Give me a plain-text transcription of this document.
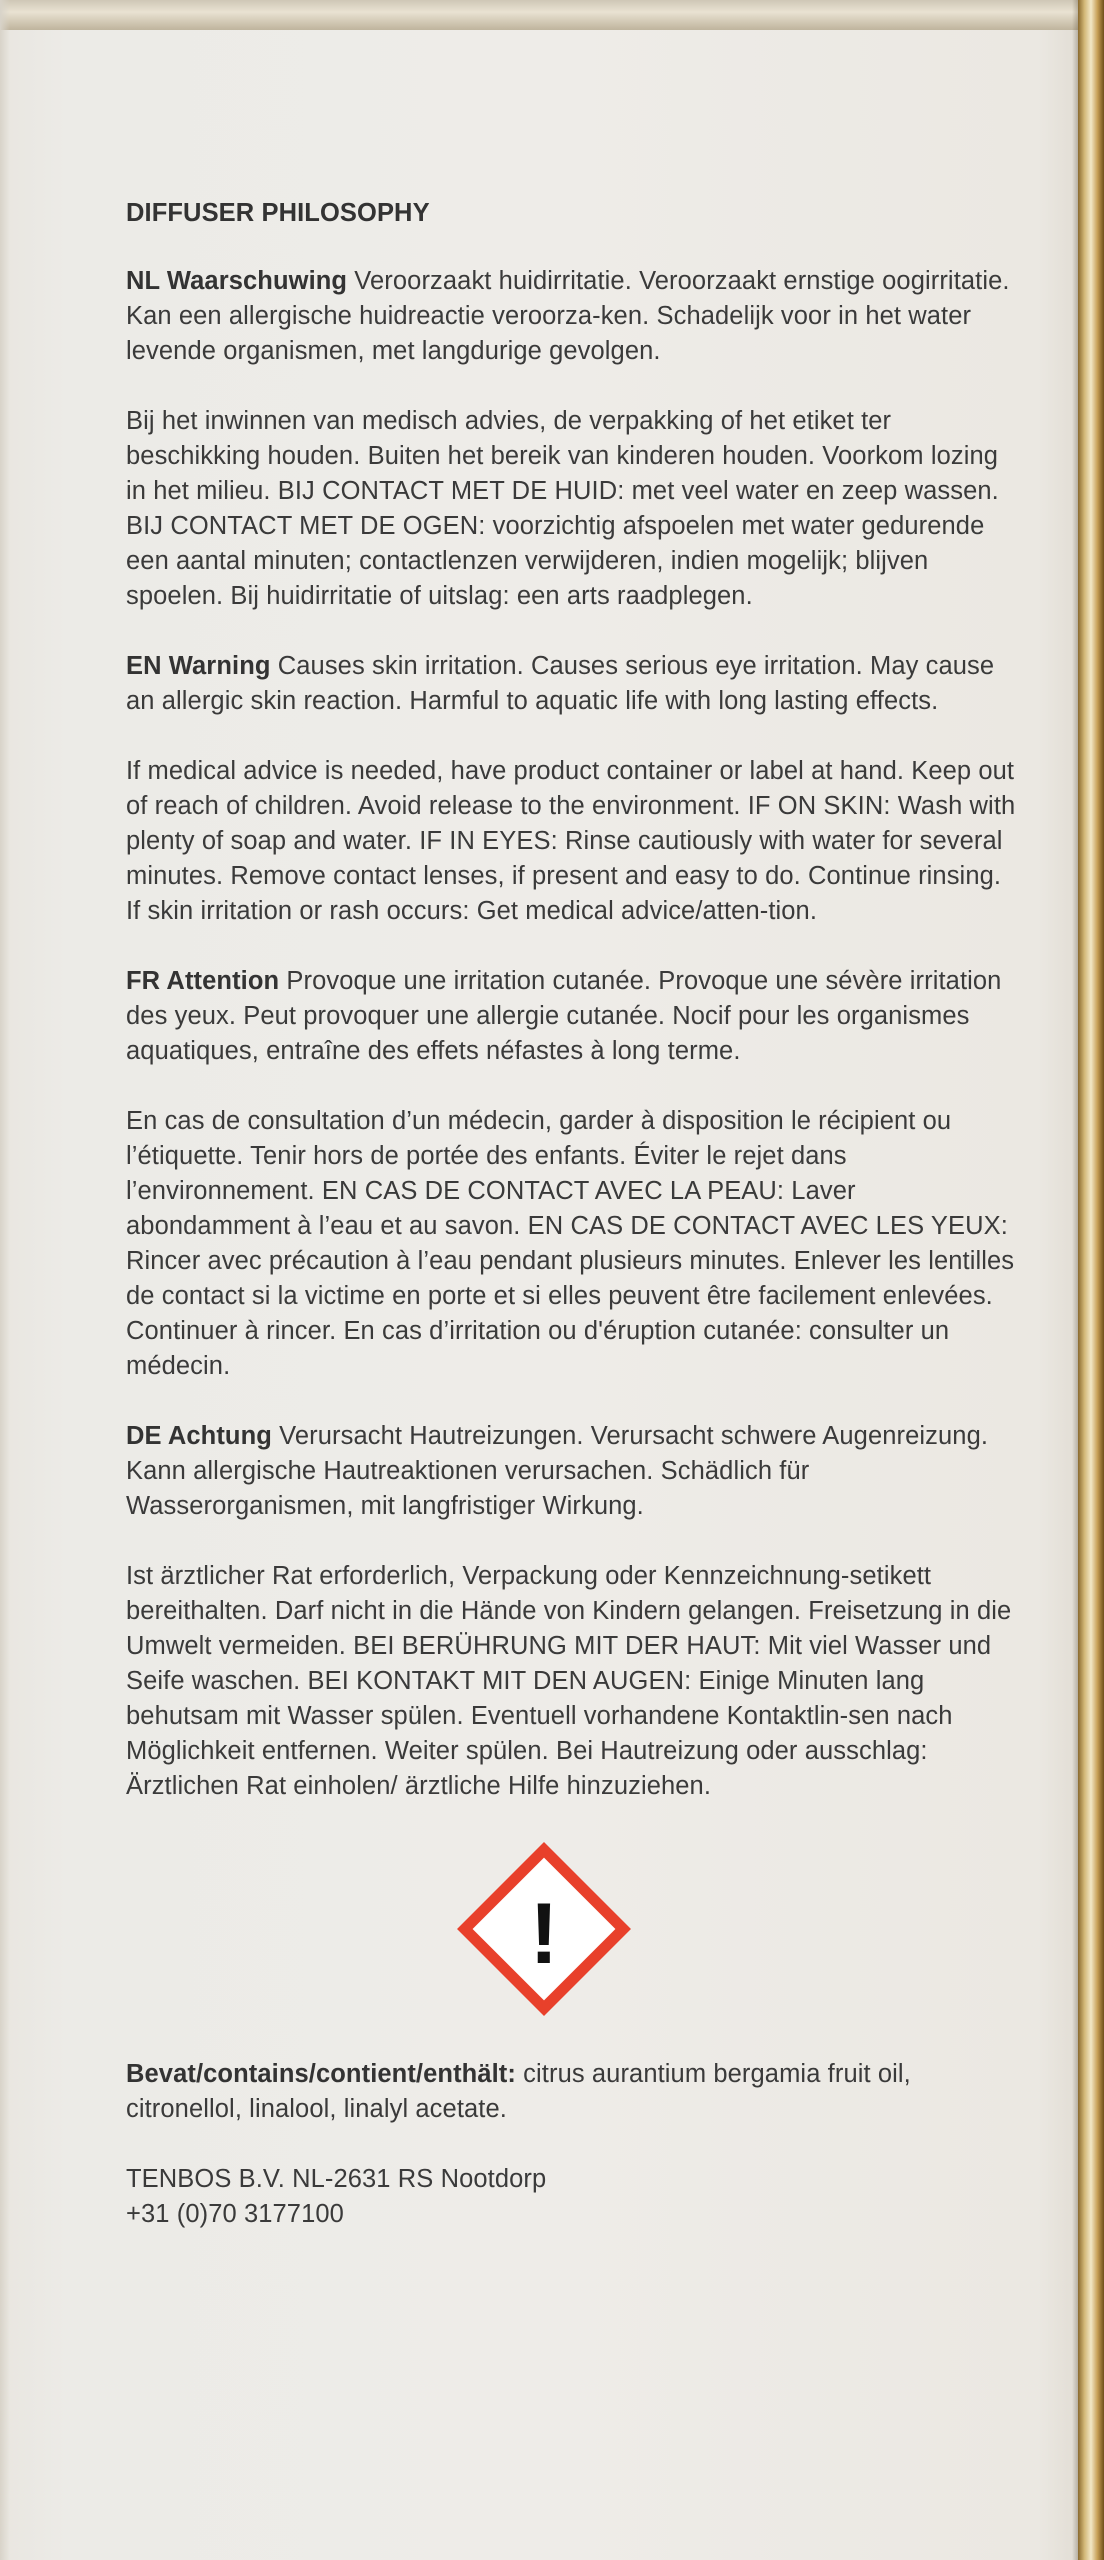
DIFFUSER PHILOSOPHY

NL Waarschuwing Veroorzaakt huidirritatie. Veroorzaakt ernstige oogirritatie. Kan een allergische huidreactie veroorza-ken. Schadelijk voor in het water levende organismen, met langdurige gevolgen.

Bij het inwinnen van medisch advies, de verpakking of het etiket ter beschikking houden. Buiten het bereik van kinderen houden. Voorkom lozing in het milieu. BIJ CONTACT MET DE HUID: met veel water en zeep wassen. BIJ CONTACT MET DE OGEN: voorzichtig afspoelen met water gedurende een aantal minuten; contactlenzen verwijderen, indien mogelijk; blijven spoelen. Bij huidirritatie of uitslag: een arts raadplegen.

EN Warning Causes skin irritation. Causes serious eye irritation. May cause an allergic skin reaction. Harmful to aquatic life with long lasting effects.

If medical advice is needed, have product container or label at hand. Keep out of reach of children. Avoid release to the environment. IF ON SKIN: Wash with plenty of soap and water. IF IN EYES: Rinse cautiously with water for several minutes. Remove contact lenses, if present and easy to do. Continue rinsing. If skin irritation or rash occurs: Get medical advice/atten-tion.

FR Attention Provoque une irritation cutanée. Provoque une sévère irritation des yeux. Peut provoquer une allergie cutanée. Nocif pour les organismes aquatiques, entraîne des effets néfastes à long terme.

En cas de consultation d’un médecin, garder à disposition le récipient ou l’étiquette. Tenir hors de portée des enfants. Éviter le rejet dans l’environnement. EN CAS DE CONTACT AVEC LA PEAU: Laver abondamment à l’eau et au savon. EN CAS DE CONTACT AVEC LES YEUX: Rincer avec précaution à l’eau pendant plusieurs minutes. Enlever les lentilles de contact si la victime en porte et si elles peuvent être facilement enlevées. Continuer à rincer. En cas d’irritation ou d'éruption cutanée: consulter un médecin.

DE Achtung Verursacht Hautreizungen. Verursacht schwere Augenreizung. Kann allergische Hautreaktionen verursachen. Schädlich für Wasserorganismen, mit langfristiger Wirkung.

Ist ärztlicher Rat erforderlich, Verpackung oder Kennzeichnung-setikett bereithalten. Darf nicht in die Hände von Kindern gelangen. Freisetzung in die Umwelt vermeiden. BEI BERÜHRUNG MIT DER HAUT: Mit viel Wasser und Seife waschen. BEI KONTAKT MIT DEN AUGEN: Einige Minuten lang behutsam mit Wasser spülen. Eventuell vorhandene Kontaktlin-sen nach Möglichkeit entfernen. Weiter spülen. Bei Hautreizung oder ausschlag: Ärztlichen Rat einholen/ ärztliche Hilfe hinzuziehen.

!

Bevat/contains/contient/enthält: citrus aurantium bergamia fruit oil, citronellol, linalool, linalyl acetate.

TENBOS B.V. NL-2631 RS Nootdorp

+31 (0)70 3177100
